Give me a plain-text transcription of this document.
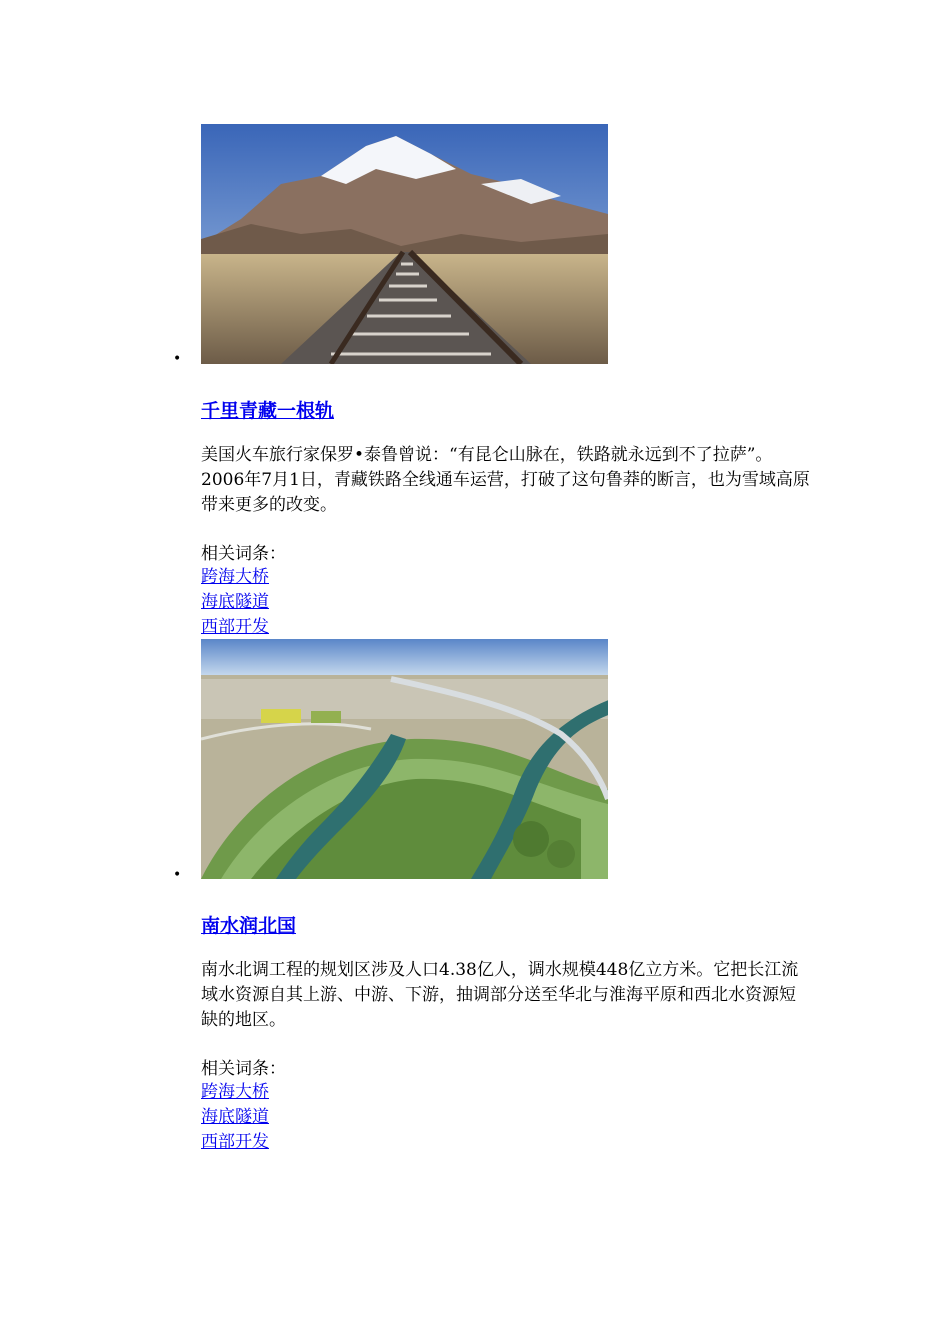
•
千里青藏一根轨

美国火车旅行家保罗•泰鲁曾说：“有昆仑山脉在，铁路就永远到不了拉萨”。2006年7月1日，青藏铁路全线通车运营，打破了这句鲁莽的断言，也为雪域高原带来更多的改变。

相关词条：
跨海大桥
海底隧道
西部开发
•
南水润北国

南水北调工程的规划区涉及人口4.38亿人，调水规模448亿立方米。它把长江流域水资源自其上游、中游、下游，抽调部分送至华北与淮海平原和西北水资源短缺的地区。

相关词条：
跨海大桥
海底隧道
西部开发
